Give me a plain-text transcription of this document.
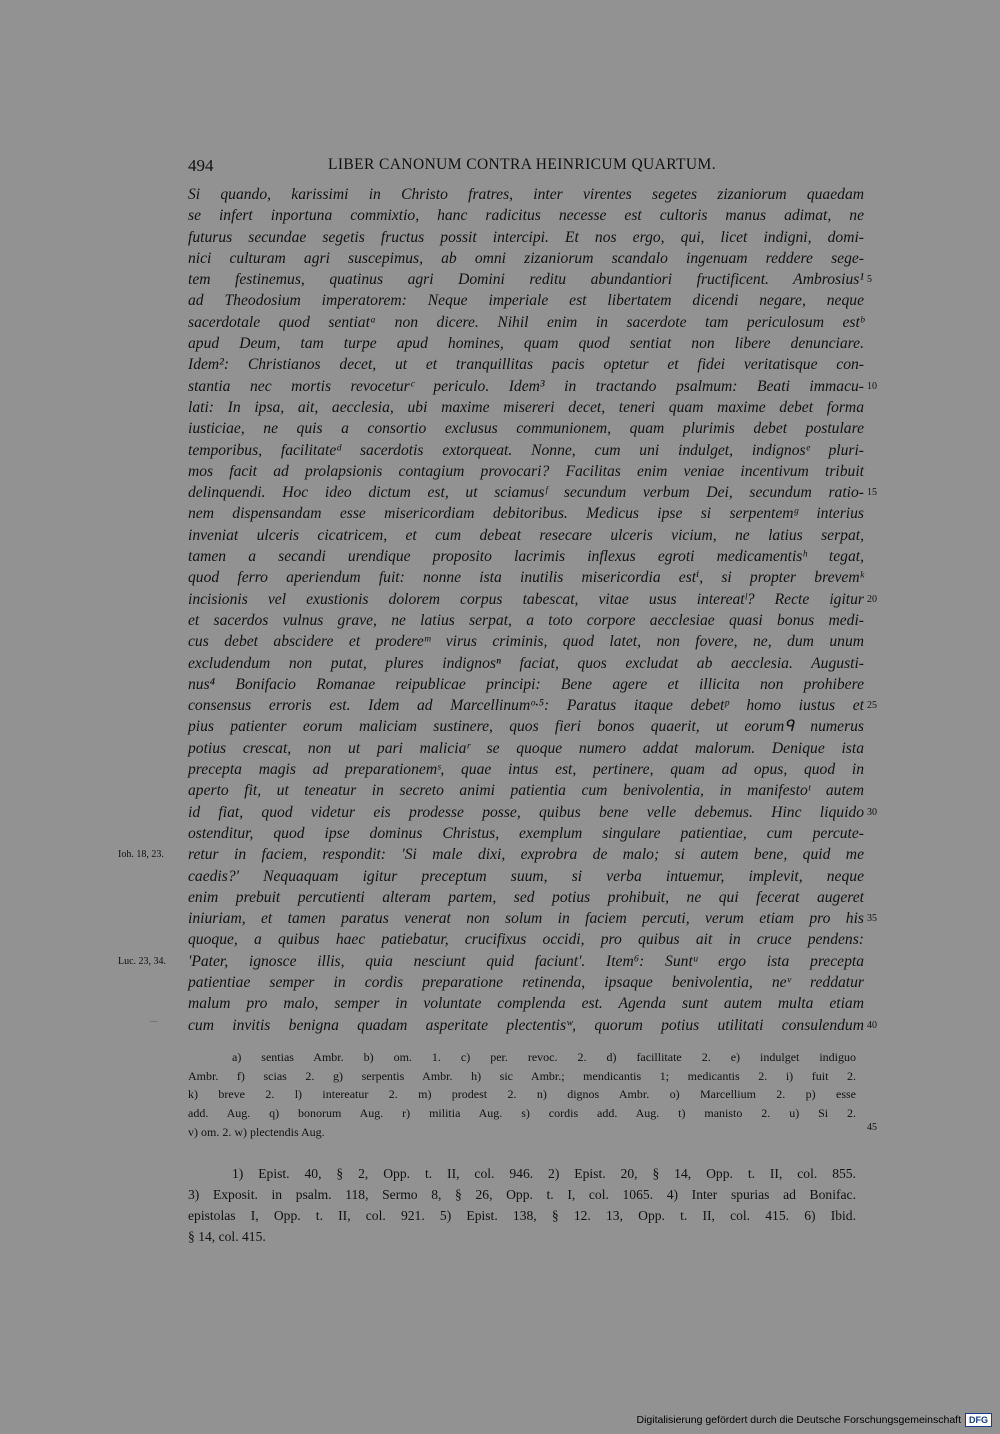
494	LIBER CANONUM CONTRA HEINRICUM QUARTUM.
Si quando, karissimi in Christo fratres, inter virentes segetes zizaniorum quaedam
se infert inportuna commixtio, hanc radicitus necesse est cultoris manus adimat, ne
futurus secundae segetis fructus possit intercipi. Et nos ergo, qui, licet indigni, domi-
nici culturam agri suscepimus, ab omni zizaniorum scandalo ingenuam reddere sege-
tem festinemus, quatinus agri Domini reditu abundantiori fructificent. Ambrosius¹
ad Theodosium imperatorem: Neque imperiale est libertatem dicendi negare, neque
sacerdotale quod sentiatᵃ non dicere. Nihil enim in sacerdote tam periculosum estᵇ
apud Deum, tam turpe apud homines, quam quod sentiat non libere denunciare.
Idem²: Christianos decet, ut et tranquillitas pacis optetur et fidei veritatisque con-
stantia nec mortis revoceturᶜ periculo. Idem³ in tractando psalmum: Beati immacu-
lati: In ipsa, ait, aecclesia, ubi maxime misereri decet, teneri quam maxime debet forma
iusticiae, ne quis a consortio exclusus communionem, quam plurimis debet postulare
temporibus, facilitateᵈ sacerdotis extorqueat. Nonne, cum uni indulget, indignosᵉ pluri-
mos facit ad prolapsionis contagium provocari? Facilitas enim veniae incentivum tribuit
delinquendi. Hoc ideo dictum est, ut sciamusᶠ secundum verbum Dei, secundum ratio-
nem dispensandam esse misericordiam debitoribus. Medicus ipse si serpentemᵍ interius
inveniat ulceris cicatricem, et cum debeat resecare ulceris vicium, ne latius serpat,
tamen a secandi urendique proposito lacrimis inflexus egroti medicamentisʰ tegat,
quod ferro aperiendum fuit: nonne ista inutilis misericordia estⁱ, si propter brevemᵏ
incisionis vel exustionis dolorem corpus tabescat, vitae usus intereatˡ? Recte igitur
et sacerdos vulnus grave, ne latius serpat, a toto corpore aecclesiae quasi bonus medi-
cus debet abscidere et prodereᵐ virus criminis, quod latet, non fovere, ne, dum unum
excludendum non putat, plures indignosⁿ faciat, quos excludat ab aecclesia. Augusti-
nus⁴ Bonifacio Romanae reipublicae principi: Bene agere et illicita non prohibere
consensus erroris est. Idem ad Marcellinumᵒ·⁵: Paratus itaque debetᵖ homo iustus et
pius patienter eorum maliciam sustinere, quos fieri bonos quaerit, ut eorumᑫ numerus
potius crescat, non ut pari maliciaʳ se quoque numero addat malorum. Denique ista
precepta magis ad preparationemˢ, quae intus est, pertinere, quam ad opus, quod in
aperto fit, ut teneatur in secreto animi patientia cum benivolentia, in manifestoᵗ autem
id fiat, quod videtur eis prodesse posse, quibus bene velle debemus. Hinc liquido
ostenditur, quod ipse dominus Christus, exemplum singulare patientiae, cum percute-
retur in faciem, respondit: 'Si male dixi, exprobra de malo; si autem bene, quid me
caedis?' Nequaquam igitur preceptum suum, si verba intuemur, implevit, neque
enim prebuit percutienti alteram partem, sed potius prohibuit, ne qui fecerat augeret
iniuriam, et tamen paratus venerat non solum in faciem percuti, verum etiam pro his
quoque, a quibus haec patiebatur, crucifixus occidi, pro quibus ait in cruce pendens:
'Pater, ignosce illis, quia nesciunt quid faciunt'. Item⁶: Suntᵘ ergo ista precepta
patientiae semper in cordis preparatione retinenda, ipsaque benivolentia, neᵛ reddatur
malum pro malo, semper in voluntate complenda est. Agenda sunt autem multa etiam
cum invitis benigna quadam asperitate plectentisʷ, quorum potius utilitati consulendum
5
10
15
20
25
30
35
40
Ioh. 18, 23.
Luc. 23, 34.
a) sentias Ambr. b) om. 1. c) per. revoc. 2. d) facillitate 2. e) indulget indiguo
Ambr. f) scias 2. g) serpentis Ambr. h) sic Ambr.; mendicantis 1; medicantis 2. i) fuit 2.
k) breve 2. l) intereatur 2. m) prodest 2. n) dignos Ambr. o) Marcellium 2. p) esse
add. Aug. q) bonorum Aug. r) militia Aug. s) cordis add. Aug. t) manisto 2. u) Si 2.
v) om. 2. w) plectendis Aug.	45
1) Epist. 40, § 2, Opp. t. II, col. 946. 2) Epist. 20, § 14, Opp. t. II, col. 855.
3) Exposit. in psalm. 118, Sermo 8, § 26, Opp. t. I, col. 1065. 4) Inter spurias ad Bonifac.
epistolas I, Opp. t. II, col. 921. 5) Epist. 138, § 12. 13, Opp. t. II, col. 415. 6) Ibid.
§ 14, col. 415.
Digitalisierung gefördert durch die Deutsche Forschungsgemeinschaft DFG
